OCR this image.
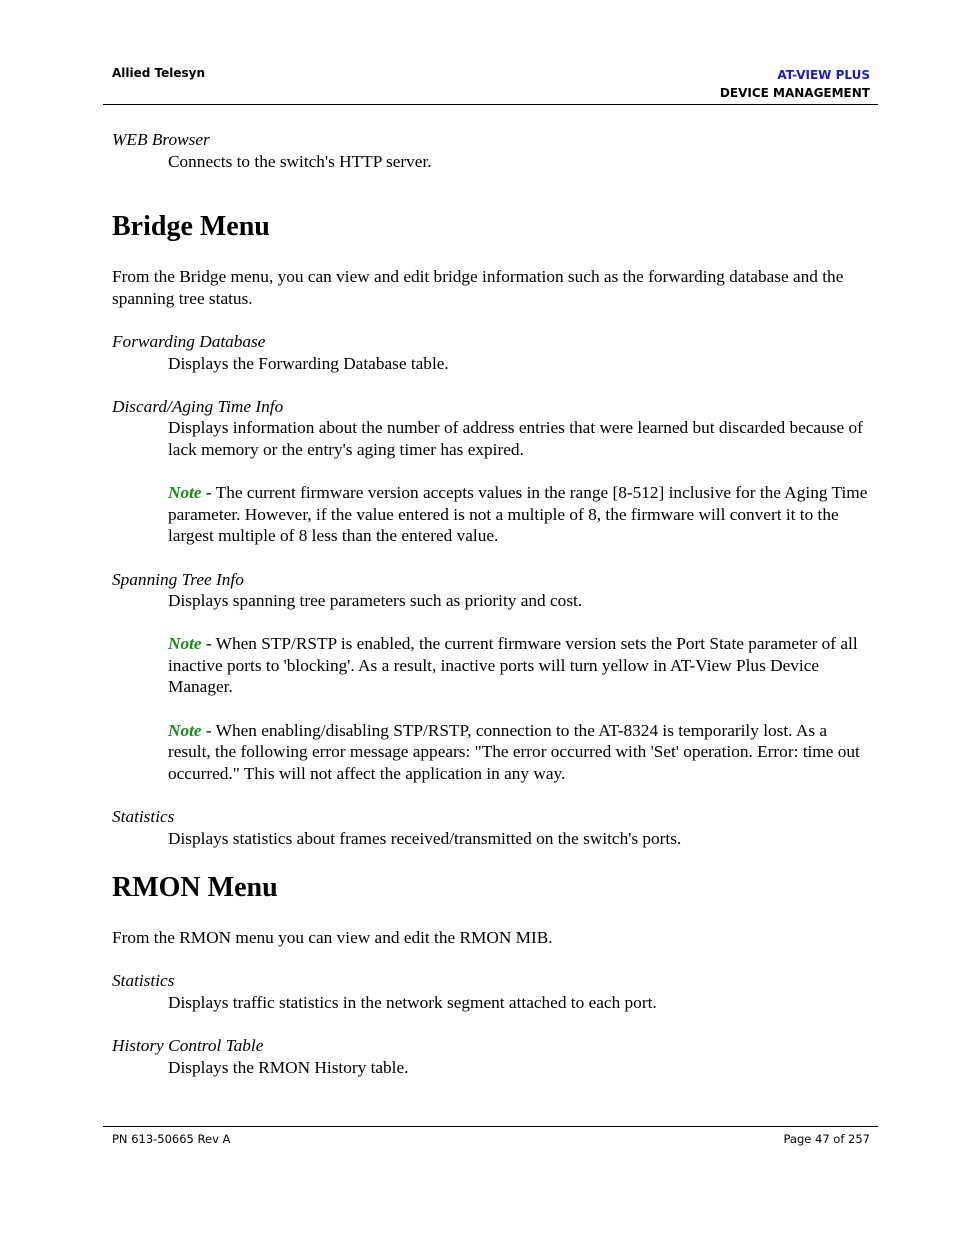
Allied Telesyn	AT-VIEW PLUS
DEVICE MANAGEMENT

WEB Browser

Connects to the switch's HTTP server.

Bridge Menu

From the Bridge menu, you can view and edit bridge information such as the forwarding database and the spanning tree status.

Forwarding Database

Displays the Forwarding Database table.

Discard/Aging Time Info

Displays information about the number of address entries that were learned but discarded because of lack memory or the entry's aging timer has expired.

Note - The current firmware version accepts values in the range [8-512] inclusive for the Aging Time parameter. However, if the value entered is not a multiple of 8, the firmware will convert it to the largest multiple of 8 less than the entered value.

Spanning Tree Info

Displays spanning tree parameters such as priority and cost.

Note - When STP/RSTP is enabled, the current firmware version sets the Port State parameter of all inactive ports to 'blocking'. As a result, inactive ports will turn yellow in AT-View Plus Device Manager.

Note - When enabling/disabling STP/RSTP, connection to the AT-8324 is temporarily lost. As a result, the following error message appears: "The error occurred with 'Set' operation. Error: time out occurred." This will not affect the application in any way.

Statistics

Displays statistics about frames received/transmitted on the switch's ports.

RMON Menu

From the RMON menu you can view and edit the RMON MIB.

Statistics

Displays traffic statistics in the network segment attached to each port.

History Control Table

Displays the RMON History table.

PN 613-50665 Rev A	Page 47 of 257
